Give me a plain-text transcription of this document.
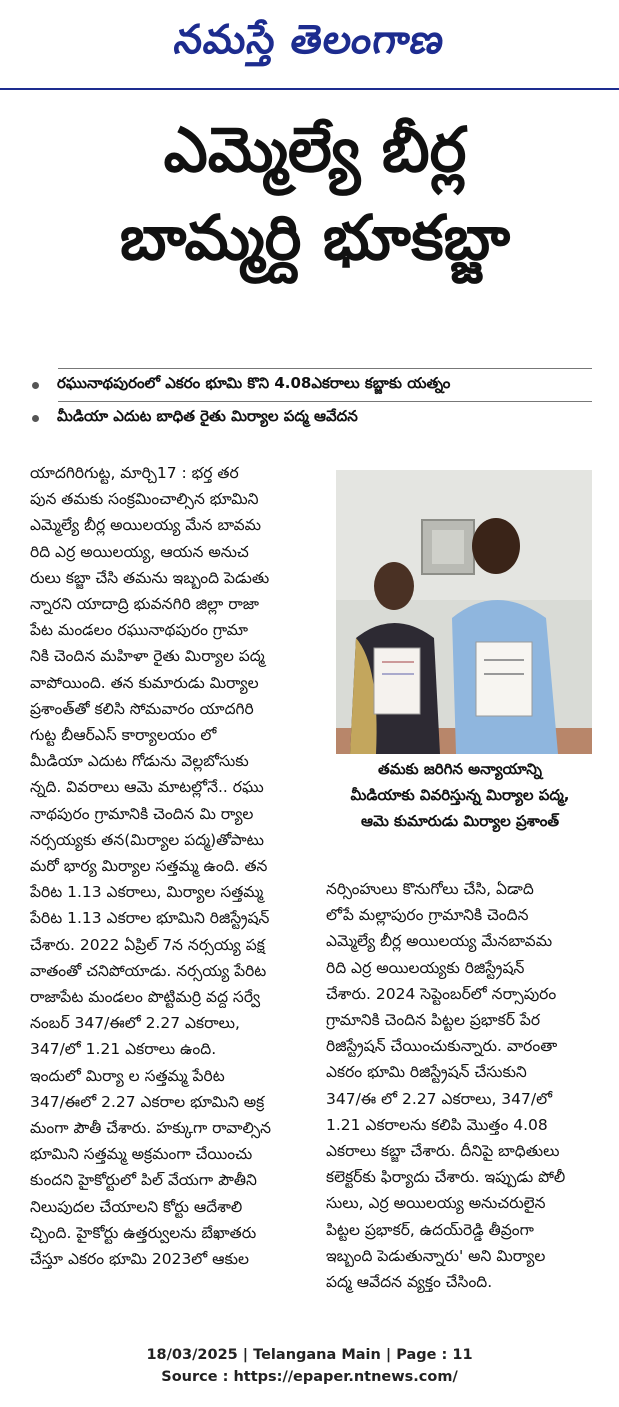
నమస్తే తెలంగాణ
ఎమ్మెల్యే బీర్ల
బామ్మర్ది భూకబ్జా
రఘునాథపురంలో ఎకరం భూమి కొని 4.08ఎకరాలు కబ్జాకు యత్నం
మీడియా ఎదుట బాధిత రైతు మిర్యాల పద్మ ఆవేదన

యాదగిరిగుట్ట, మార్చి17 : భర్త తర

పున తమకు సంక్రమించాల్సిన భూమిని

ఎమ్మెల్యే బీర్ల అయిలయ్య మేన బావమ

రిది ఎర్ర అయిలయ్య, ఆయన అనుచ

రులు కబ్జా చేసి తమను ఇబ్బంది పెడుతు

న్నారని యాదాద్రి భువనగిరి జిల్లా రాజా

పేట మండలం రఘునాథపురం గ్రామా

నికి చెందిన మహిళా రైతు మిర్యాల పద్మ

వాపోయింది. తన కుమారుడు మిర్యాల

ప్రశాంత్‌తో కలిసి సోమవారం యాదగిరి

గుట్ట బీఆర్‌ఎస్ కార్యాలయం లో

మీడియా ఎదుట గోడును వెల్లబోసుకు

న్నది. వివరాలు ఆమె మాటల్లోనే.. రఘు

నాథపురం గ్రామానికి చెందిన మి ర్యాల

నర్సయ్యకు తన(మిర్యాల పద్మ)తోపాటు

మరో భార్య మిర్యాల సత్తమ్మ ఉంది. తన

పేరిట 1.13 ఎకరాలు, మిర్యాల సత్తమ్మ

పేరిట 1.13 ఎకరాల భూమిని రిజిస్ట్రేషన్

చేశారు. 2022 ఏప్రిల్ 7న నర్సయ్య పక్ష

వాతంతో చనిపోయాడు. నర్సయ్య పేరిట

రాజాపేట మండలం పొట్టిమర్రి వద్ద సర్వే

నంబర్ 347/ఈలో 2.27 ఎకరాలు,

347/లో 1.21 ఎకరాలు ఉంది.

ఇందులో మిర్యా ల సత్తమ్మ పేరిట

347/ఈలో 2.27 ఎకరాల భూమిని అక్ర

మంగా పౌతీ చేశారు. హక్కుగా రావాల్సిన

భూమిని సత్తమ్మ అక్రమంగా చేయించు

కుందని హైకోర్టులో పిల్ వేయగా పౌతీని

నిలుపుదల చేయాలని కోర్టు ఆదేశాలి

చ్చింది. హైకోర్టు ఉత్తర్వులను బేఖాతరు

చేస్తూ ఎకరం భూమి 2023లో ఆకుల

తమకు జరిగిన అన్యాయాన్ని

మీడియాకు వివరిస్తున్న మిర్యాల పద్మ,

ఆమె కుమారుడు మిర్యాల ప్రశాంత్

నర్సింహులు కొనుగోలు చేసి, ఏడాది

లోపే మల్లాపురం గ్రామానికి చెందిన

ఎమ్మెల్యే బీర్ల అయిలయ్య మేనబావమ

రిది ఎర్ర అయిలయ్యకు రిజిస్ట్రేషన్

చేశారు. 2024 సెప్టెంబర్‌లో నర్సాపురం

గ్రామానికి చెందిన పిట్టల ప్రభాకర్ పేర

రిజిస్ట్రేషన్ చేయించుకున్నారు. వారంతా

ఎకరం భూమి రిజిస్ట్రేషన్ చేసుకుని

347/ఈ లో 2.27 ఎకరాలు, 347/లో

1.21 ఎకరాలను కలిపి మొత్తం 4.08

ఎకరాలు కబ్జా చేశారు. దీనిపై బాధితులు

కలెక్టర్‌కు ఫిర్యాదు చేశారు. ఇప్పుడు పోలీ

సులు, ఎర్ర అయిలయ్య అనుచరులైన

పిట్టల ప్రభాకర్, ఉదయ్‌రెడ్డి తీవ్రంగా

ఇబ్బంది పెడుతున్నారు' అని మిర్యాల

పద్మ ఆవేదన వ్యక్తం చేసింది.

18/03/2025 | Telangana Main | Page : 11
Source : https://epaper.ntnews.com/
